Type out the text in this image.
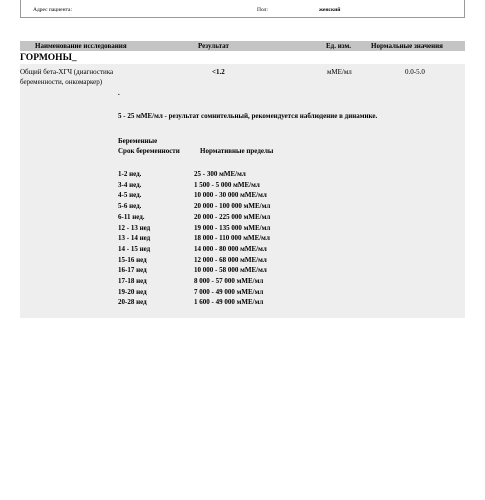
Адрес пациента:	Пол:	женский
Наименование исследования	Результат	Ед. изм.	Нормальные значения
ГОРМОНЫ_
Общий бета-ХГЧ (диагностика
беременности, онкомаркер)
<1.2	мМЕ/мл	0.0-5.0
.
5 - 25 мМЕ/мл - результат сомнительный, рекомендуется наблюдение в динамике.
Беременные
Срок беременности	Нормативные пределы
1-2 нед.	25 - 300 мМЕ/мл
3-4 нед.	1 500 - 5 000 мМЕ/мл
4-5 нед.	10 000 - 30 000 мМЕ/мл
5-6 нед.	20 000 - 100 000 мМЕ/мл
6-11 нед.	20 000 - 225 000 мМЕ/мл
12 - 13 нед	19 000 - 135 000 мМЕ/мл
13 - 14 нед	18 000 - 110 000 мМЕ/мл
14 - 15 нед	14 000 - 80 000 мМЕ/мл
15-16 нед	12 000 - 68 000 мМЕ/мл
16-17 нед	10 000 - 58 000 мМЕ/мл
17-18 нед	8 000 - 57 000 мМЕ/мл
19-20 нед	7 000 - 49 000 мМЕ/мл
20-28 нед	1 600 - 49 000 мМЕ/мл
